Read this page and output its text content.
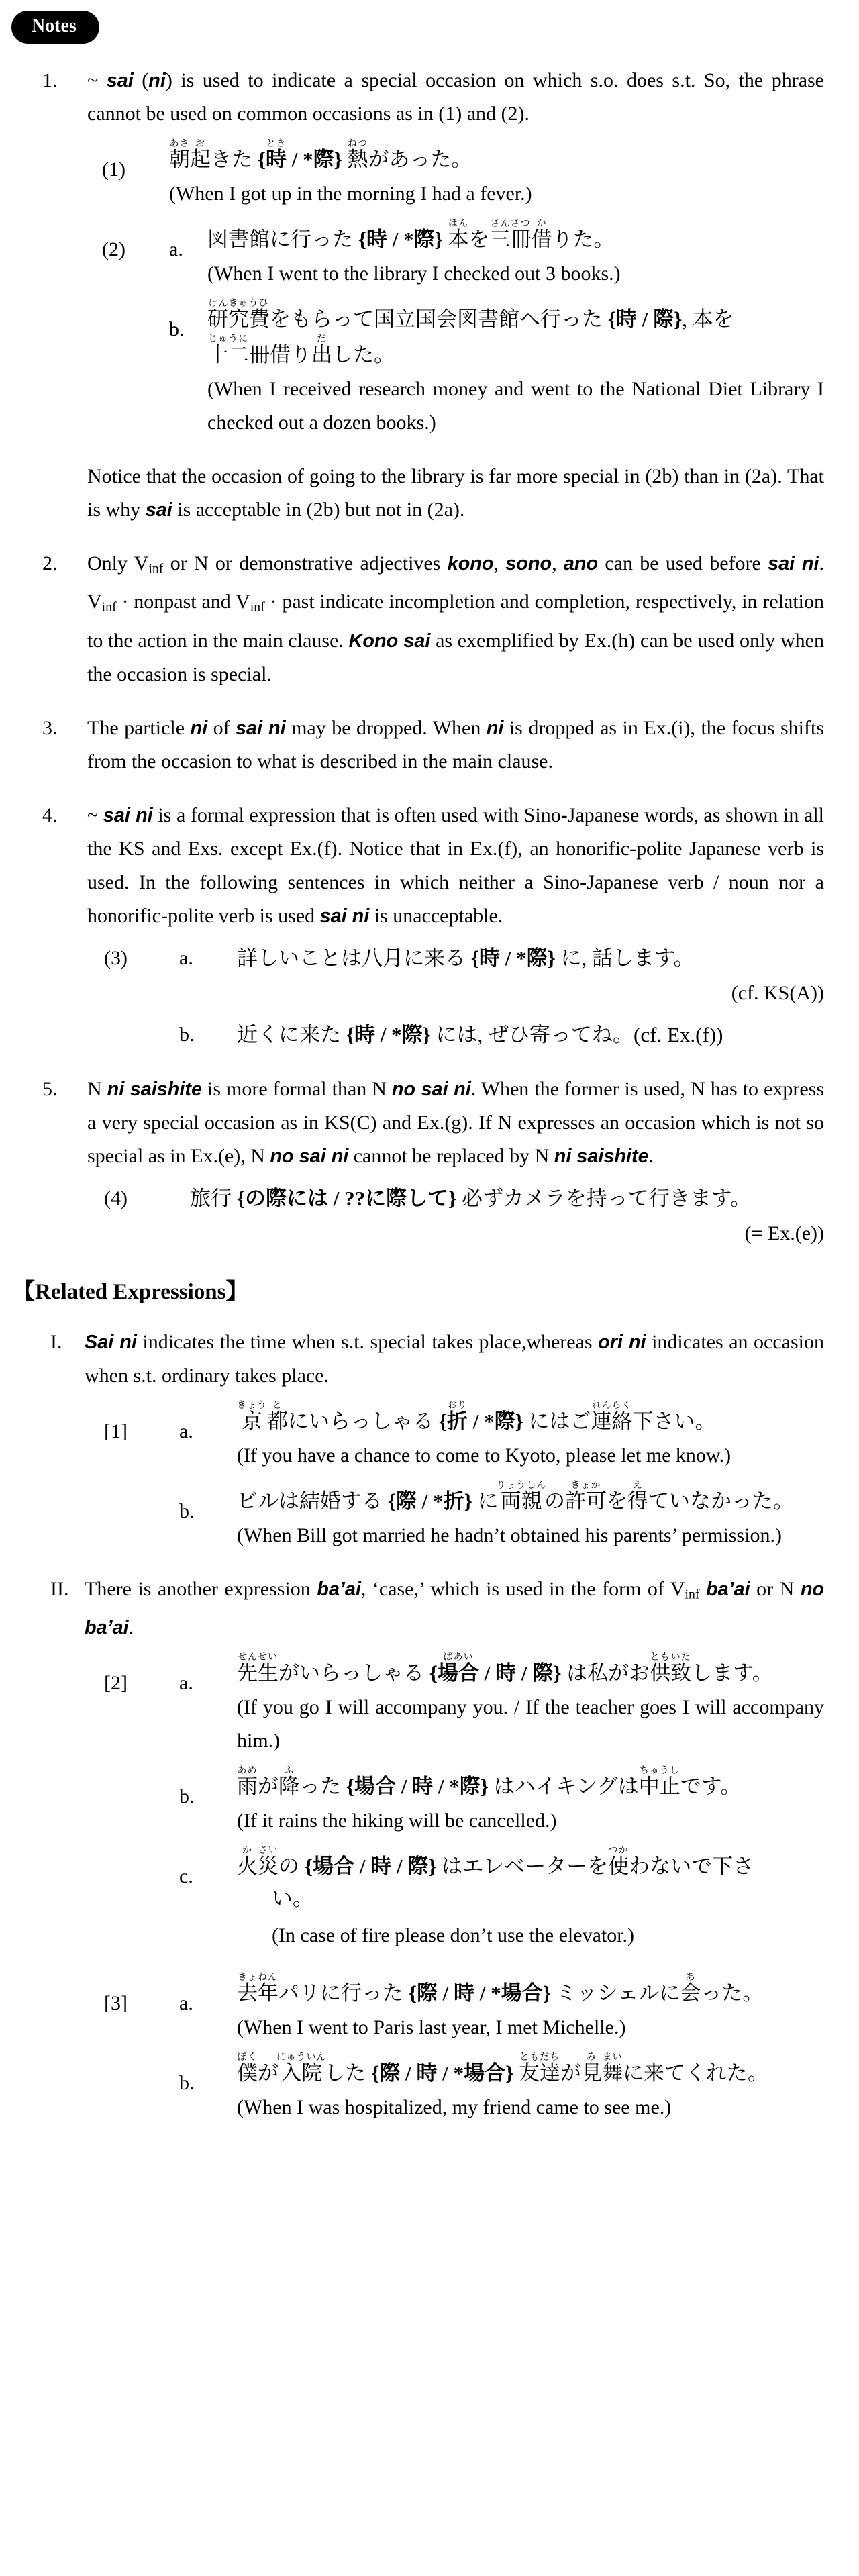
Notes
1.	~ sai (ni) is used to indicate a special occasion on which s.o. does s.t. So, the phrase cannot be used on common occasions as in (1) and (2).
(1)	朝あさ起おきた {時とき / *際} 熱ねつがあった。
(When I got up in the morning I had a fever.)
(2)	a.	図書館に行った {時 / *際} 本ほんを三冊さんさつ借かりた。
(When I went to the library I checked out 3 books.)
b.	研究費けんきゅうひをもらって国立国会図書館へ行った {時 / 際}, 本を
十二じゅうに冊借り出だした。
(When I received research money and went to the National Diet Library I checked out a dozen books.)
Notice that the occasion of going to the library is far more special in (2b) than in (2a). That is why sai is acceptable in (2b) but not in (2a).
2.	Only $V_{inf}$ or N or demonstrative adjectives kono, sono, ano can be used before sai ni. $V_{inf}$ · nonpast and $V_{inf}$ · past indicate incompletion and completion, respectively, in relation to the action in the main clause. Kono sai as exemplified by Ex.(h) can be used only when the occasion is special.
3.	The particle ni of sai ni may be dropped. When ni is dropped as in Ex.(i), the focus shifts from the occasion to what is described in the main clause.
4.	~ sai ni is a formal expression that is often used with Sino-Japanese words, as shown in all the KS and Exs. except Ex.(f). Notice that in Ex.(f), an honorific-polite Japanese verb is used. In the following sentences in which neither a Sino-Japanese verb / noun nor a honorific-polite verb is used sai ni is unacceptable.
(3)	a.	詳しいことは八月に来る {時 / *際} に, 話します。
(cf. KS(A))
b.	近くに来た {時 / *際} には, ぜひ寄ってね。(cf. Ex.(f))
5.	N ni saishite is more formal than N no sai ni. When the former is used, N has to express a very special occasion as in KS(C) and Ex.(g). If N expresses an occasion which is not so special as in Ex.(e), N no sai ni cannot be replaced by N ni saishite.
(4)	旅行 {の際には / ??に際して} 必ずカメラを持って行きます。
(= Ex.(e))
【Related Expressions】
I.	Sai ni indicates the time when s.t. special takes place,whereas ori ni indicates an occasion when s.t. ordinary takes place.
[1]	a.	京きょう都とにいらっしゃる {折おり / *際} にはご連絡れんらく下さい。
(If you have a chance to come to Kyoto, please let me know.)
b.	ビルは結婚する {際 / *折} に両親りょうしんの許可きょかを得えていなかった。
(When Bill got married he hadn’t obtained his parents’ permission.)
II. There is another expression ba’ai, ‘case,’ which is used in the form of $V_{inf}$ ba’ai or N no ba’ai.
[2]	a.	先生せんせいがいらっしゃる {場合ばあい / 時 / 際} は私がお供とも致いたします。
(If you go I will accompany you. / If the teacher goes I will accompany him.)
b.	雨あめが降ふった {場合 / 時 / *際} はハイキングは中止ちゅうしです。
(If it rains the hiking will be cancelled.)
c.	火か災さいの {場合 / 時 / 際} はエレベーターを使つかわないで下さ
い。
(In case of fire please don’t use the elevator.)
[3]	a.	去年きょねんパリに行った {際 / 時 / *場合} ミッシェルに会あった。
(When I went to Paris last year, I met Michelle.)
b.	僕ぼくが入院にゅういんした {際 / 時 / *場合} 友達ともだちが見み舞まいに来てくれた。
(When I was hospitalized, my friend came to see me.)
